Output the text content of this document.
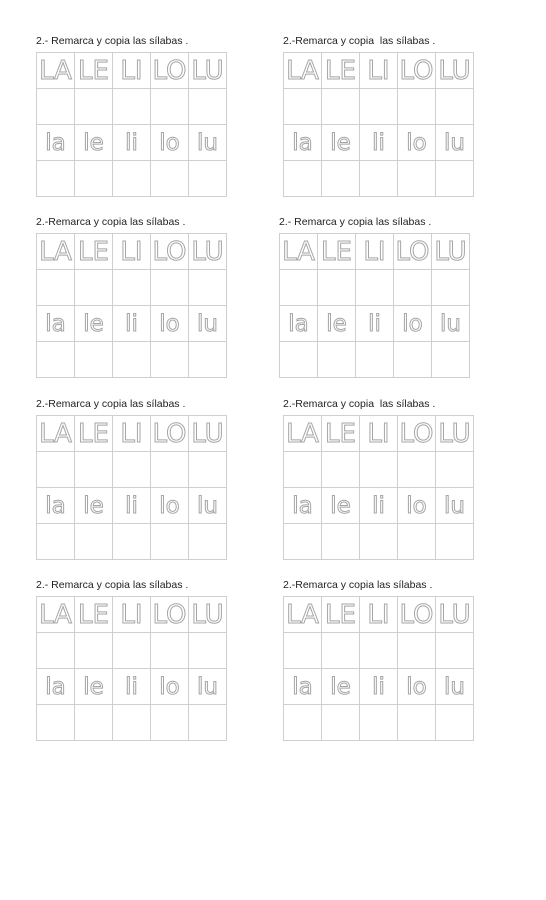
2.- Remarca y copia las sílabas .
LA LE LI LO LU
la le li lo lu
2.-Remarca y copia  las sílabas .
LA LE LI LO LU
la le li lo lu
2.-Remarca y copia las sílabas .
LA LE LI LO LU
la le li lo lu
2.- Remarca y copia las sílabas .
LA LE LI LO LU
la le li lo lu
2.-Remarca y copia las sílabas .
LA LE LI LO LU
la le li lo lu
2.-Remarca y copia  las sílabas .
LA LE LI LO LU
la le li lo lu
2.- Remarca y copia las sílabas .
LA LE LI LO LU
la le li lo lu
2.-Remarca y copia las sílabas .
LA LE LI LO LU
la le li lo lu
